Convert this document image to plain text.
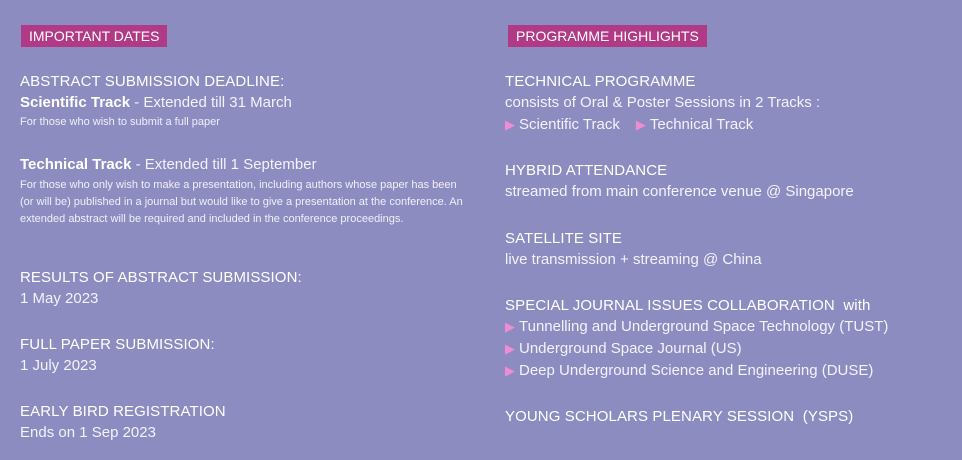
IMPORTANT DATES
ABSTRACT SUBMISSION DEADLINE:
Scientific Track - Extended till 31 March
For those who wish to submit a full paper
Technical Track - Extended till 1 September
For those who only wish to make a presentation, including authors whose paper has been (or will be) published in a journal but would like to give a presentation at the conference. An extended abstract will be required and included in the conference proceedings.
RESULTS OF ABSTRACT SUBMISSION:
1 May 2023
FULL PAPER SUBMISSION:
1 July 2023
EARLY BIRD REGISTRATION
Ends on 1 Sep 2023
PROGRAMME HIGHLIGHTS
TECHNICAL PROGRAMME
consists of Oral & Poster Sessions in 2 Tracks :
▶ Scientific Track ▶ Technical Track
HYBRID ATTENDANCE
streamed from main conference venue @ Singapore
SATELLITE SITE
live transmission + streaming @ China
SPECIAL JOURNAL ISSUES COLLABORATION with
▶ Tunnelling and Underground Space Technology (TUST)
▶ Underground Space Journal (US)
▶ Deep Underground Science and Engineering (DUSE)
YOUNG SCHOLARS PLENARY SESSION (YSPS)
